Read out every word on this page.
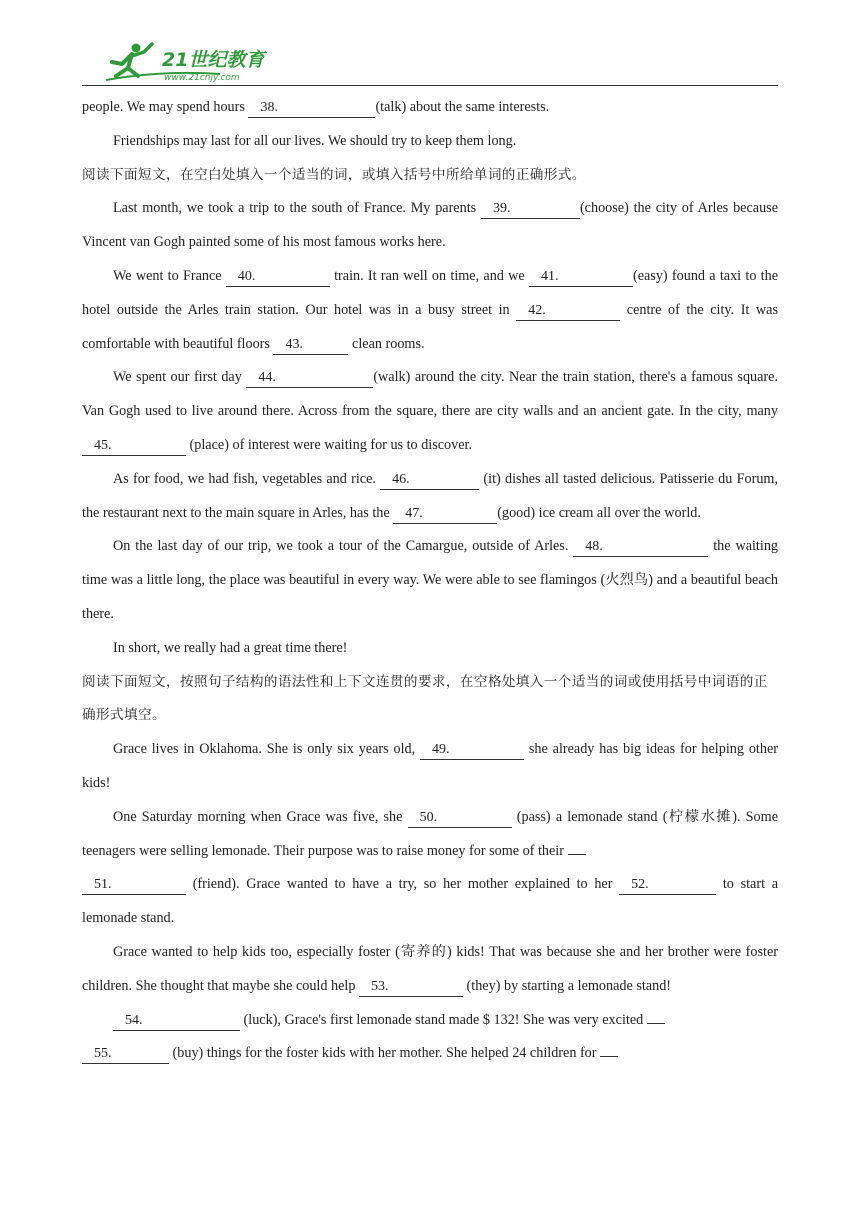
21世纪教育
www.21cnjy.com

people. We may spend hours 38.	(talk) about the same interests.

Friendships may last for all our lives. We should try to keep them long.

阅读下面短文，在空白处填入一个适当的词，或填入括号中所给单词的正确形式。

Last month, we took a trip to the south of France. My parents 39.	(choose) the city of Arles because Vincent van Gogh painted some of his most famous works here.

We went to France 40.	train. It ran well on time, and we 41.	(easy) found a taxi to the hotel outside the Arles train station. Our hotel was in a busy street in 42.	centre of the city. It was comfortable with beautiful floors 43.	clean rooms.

We spent our first day 44.	(walk) around the city. Near the train station, there's a famous square. Van Gogh used to live around there. Across from the square, there are city walls and an ancient gate. In the city, many 45.	(place) of interest were waiting for us to discover.

As for food, we had fish, vegetables and rice. 46.	(it) dishes all tasted delicious. Patisserie du Forum, the restaurant next to the main square in Arles, has the 47.	(good) ice cream all over the world.

On the last day of our trip, we took a tour of the Camargue, outside of Arles. 48.	the waiting time was a little long, the place was beautiful in every way. We were able to see flamingos (火烈鸟) and a beautiful beach there.

In short, we really had a great time there!

阅读下面短文，按照句子结构的语法性和上下文连贯的要求，在空格处填入一个适当的词或使用括号中词语的正确形式填空。

Grace lives in Oklahoma. She is only six years old, 49.	she already has big ideas for helping other kids!

One Saturday morning when Grace was five, she 50.	(pass) a lemonade stand (柠檬水摊). Some teenagers were selling lemonade. Their purpose was to raise money for some of their
51.	(friend). Grace wanted to have a try, so her mother explained to her 52.	to start a lemonade stand.

Grace wanted to help kids too, especially foster (寄养的) kids! That was because she and her brother were foster children. She thought that maybe she could help 53.	(they) by starting a lemonade stand!

54.	(luck), Grace's first lemonade stand made $ 132! She was very excited
55.	(buy) things for the foster kids with her mother. She helped 24 children for
